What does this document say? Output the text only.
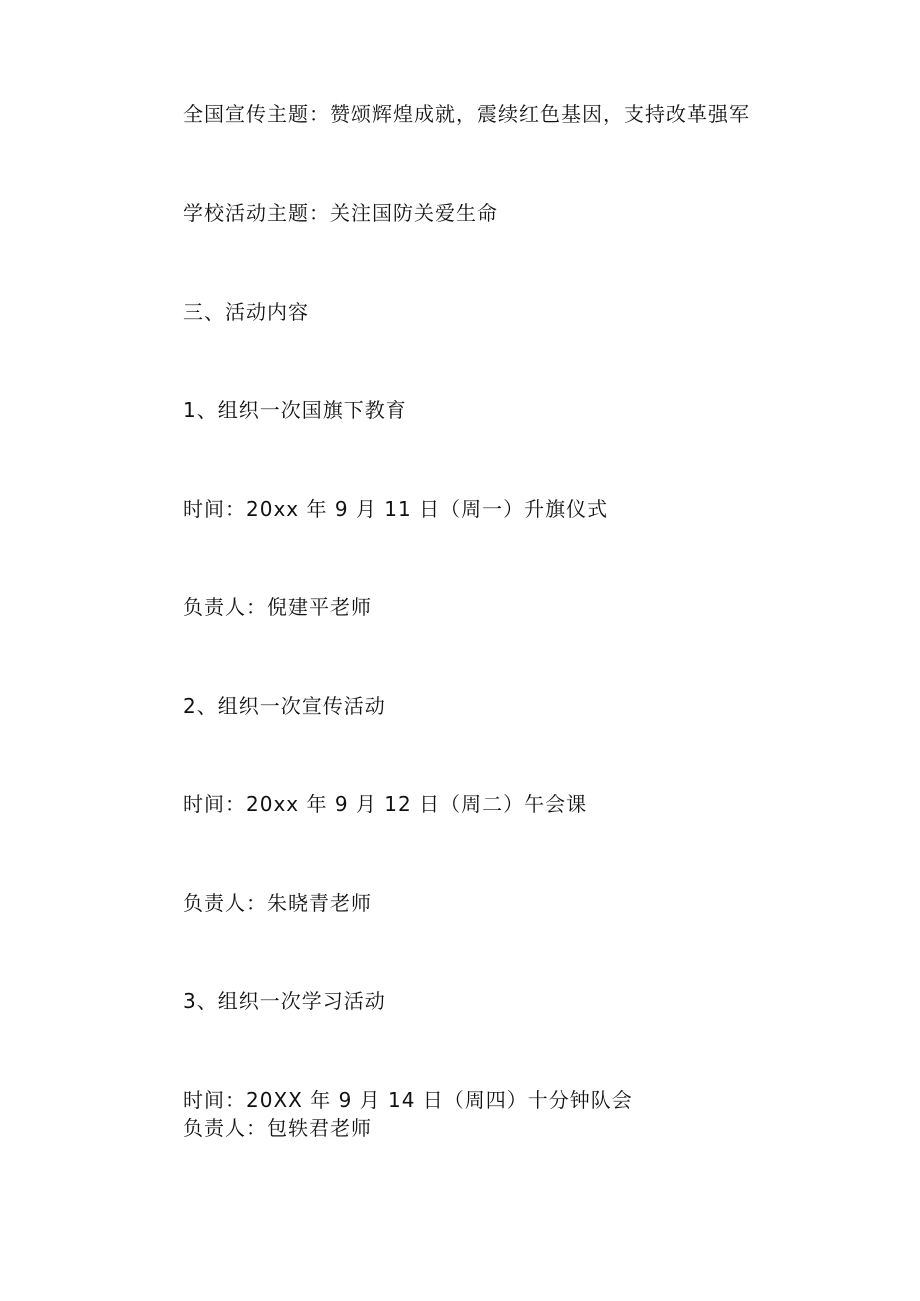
全国宣传主题：赞颂辉煌成就，震续红色基因，支持改革强军

学校活动主题：关注国防关爱生命

三、活动内容

1、组织一次国旗下教育

时间：20xx 年 9 月 11 日（周一）升旗仪式

负责人：倪建平老师

2、组织一次宣传活动

时间：20xx 年 9 月 12 日（周二）午会课

负责人：朱晓青老师

3、组织一次学习活动

时间：20XX 年 9 月 14 日（周四）十分钟队会

负责人：包轶君老师
